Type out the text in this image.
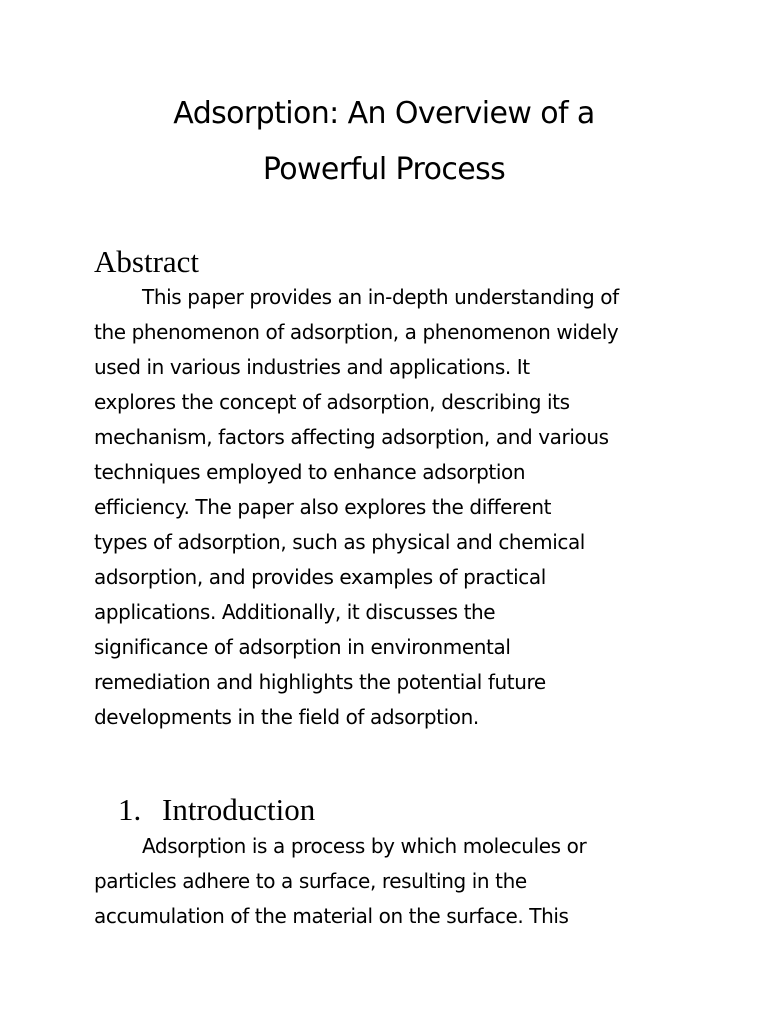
Adsorption: An Overview of a
Powerful Process
Abstract

This paper provides an in-depth understanding of
the phenomenon of adsorption, a phenomenon widely
used in various industries and applications. It
explores the concept of adsorption, describing its
mechanism, factors affecting adsorption, and various
techniques employed to enhance adsorption
efficiency. The paper also explores the different
types of adsorption, such as physical and chemical
adsorption, and provides examples of practical
applications. Additionally, it discusses the
significance of adsorption in environmental
remediation and highlights the potential future
developments in the field of adsorption.

1. Introduction

Adsorption is a process by which molecules or
particles adhere to a surface, resulting in the
accumulation of the material on the surface. This
